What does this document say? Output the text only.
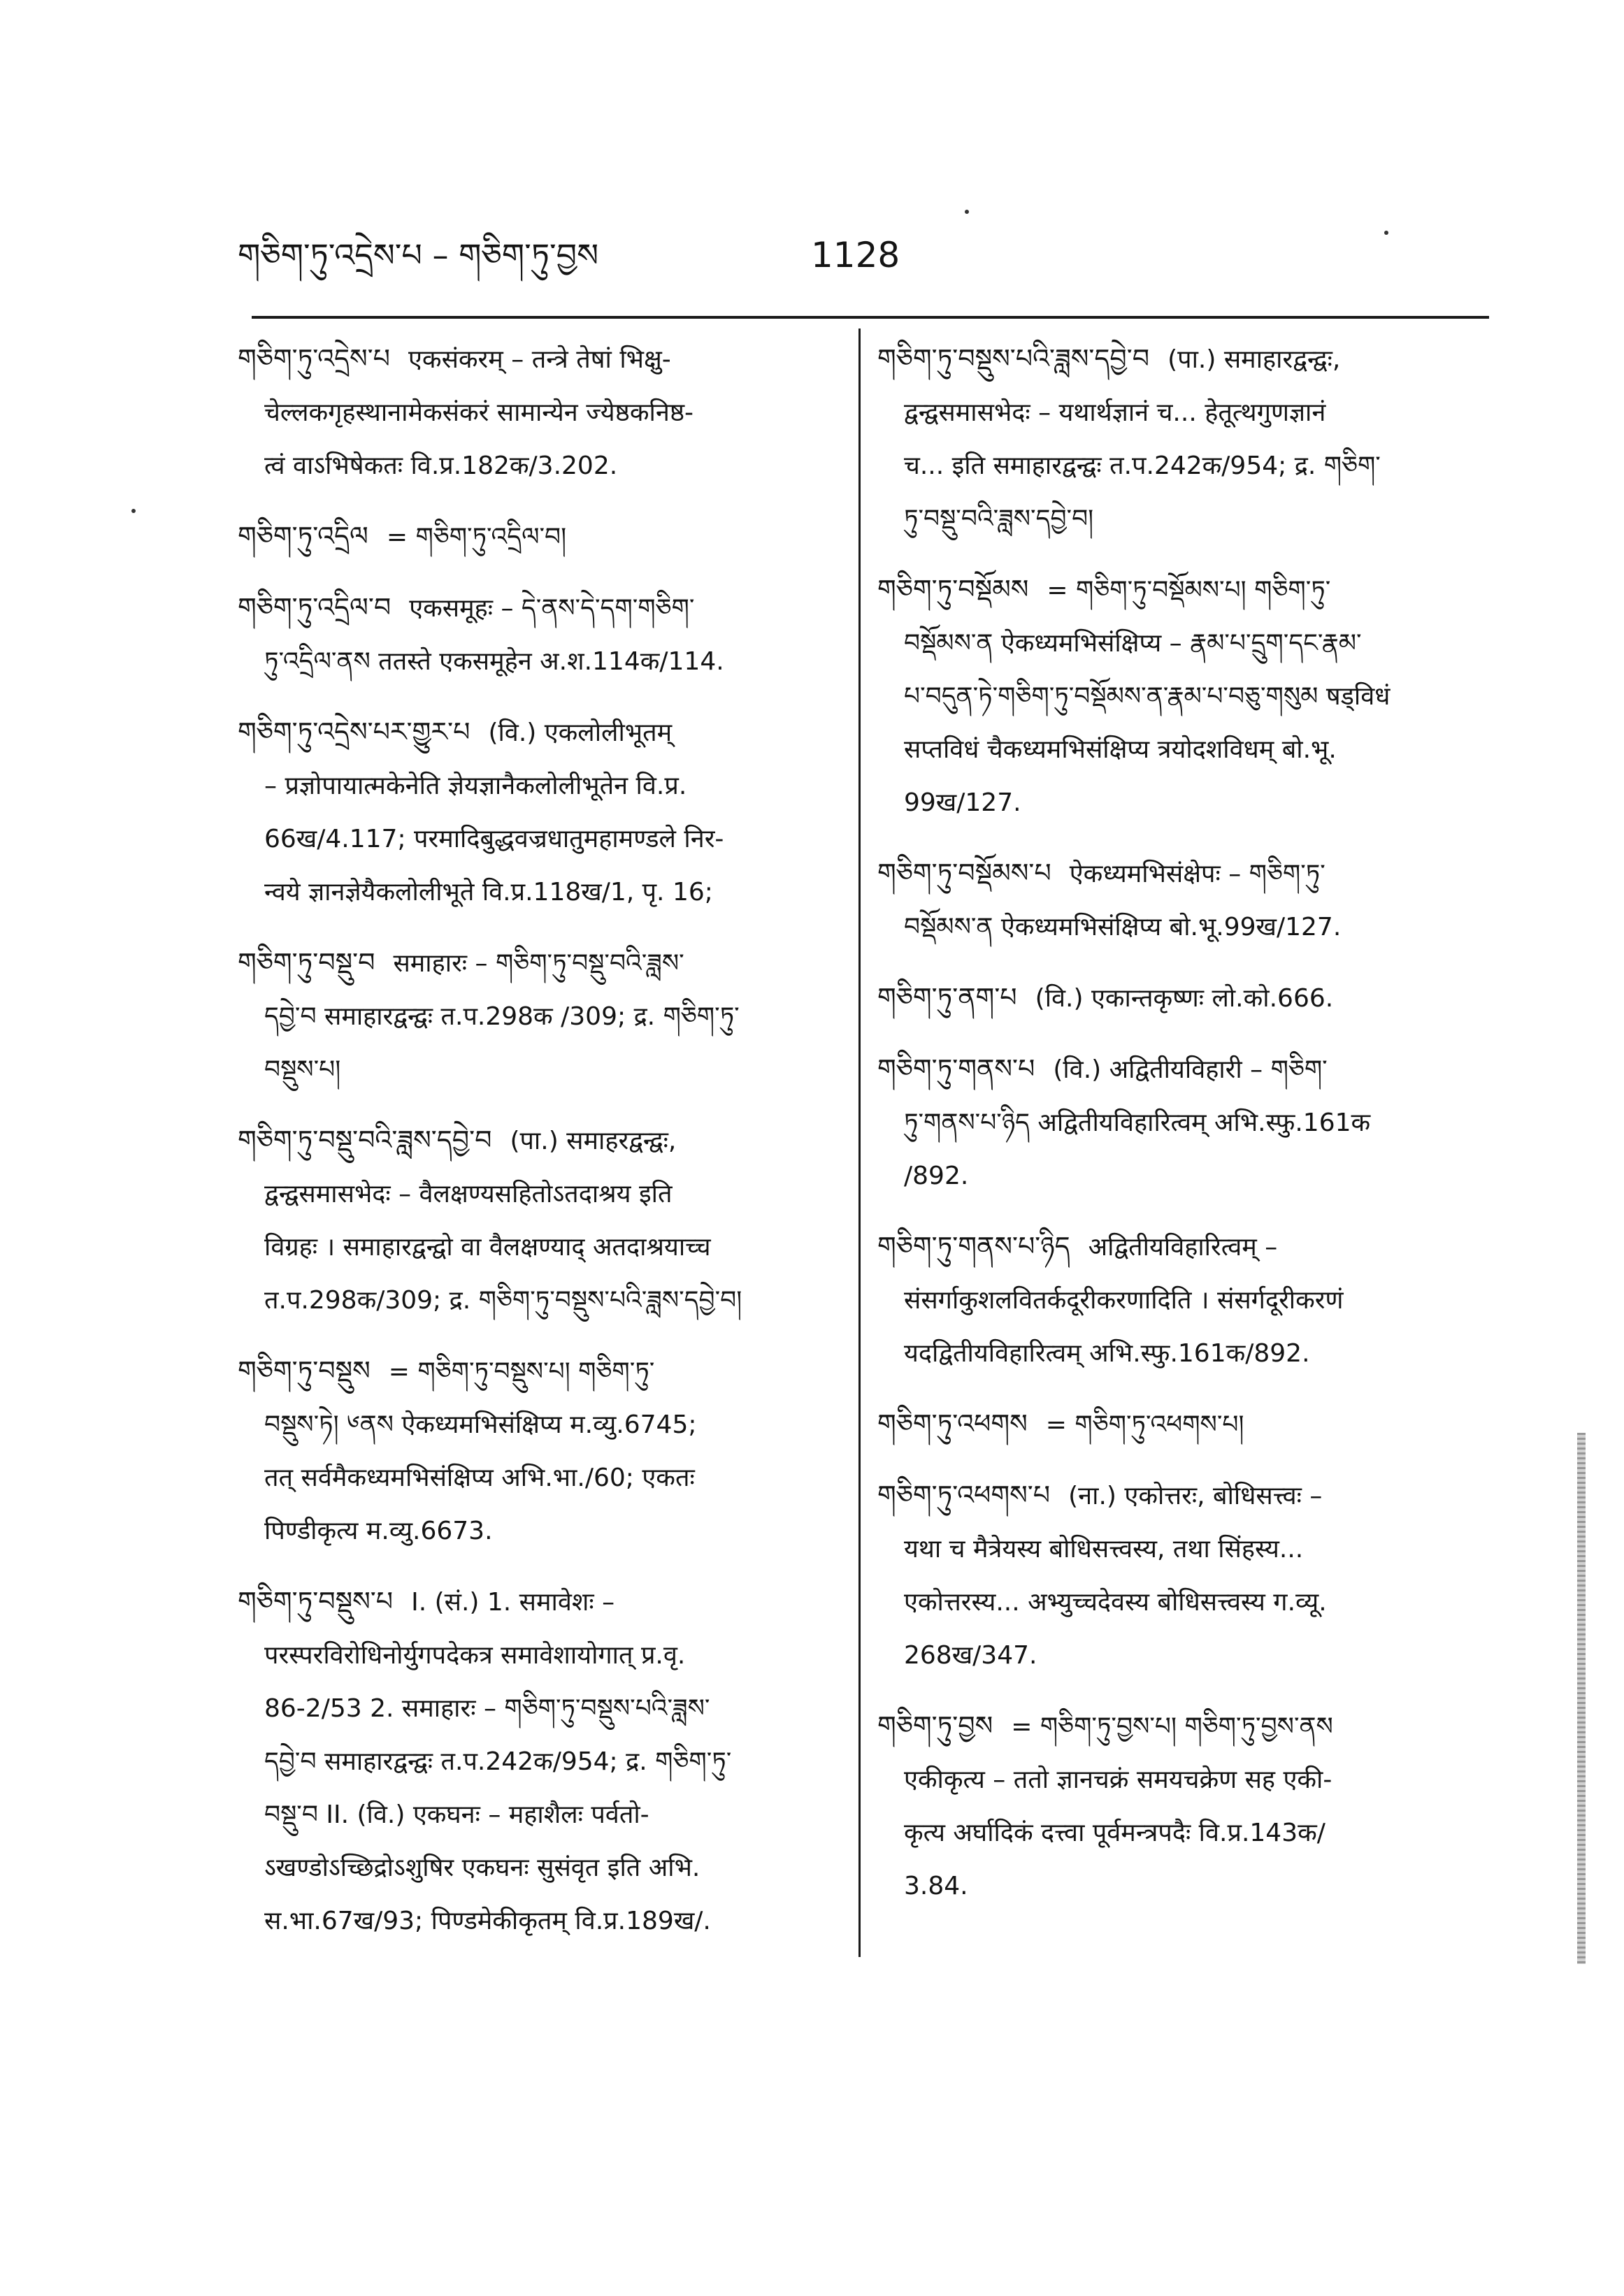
གཅིག་ཏུ་འདྲེས་པ – གཅིག་ཏུ་བྱས	1128

གཅིག་ཏུ་འདྲེས་པ एकसंकरम् – तन्त्रे तेषां भिक्षु-

चेल्लकगृहस्थानामेकसंकरं सामान्येन ज्येष्ठकनिष्ठ-

त्वं वाऽभिषेकतः वि.प्र.182क/3.202.

གཅིག་ཏུ་འདྲིལ = གཅིག་ཏུ་འདྲིལ་བ།

གཅིག་ཏུ་འདྲིལ་བ एकसमूहः – དེ་ནས་དེ་དག་གཅིག་

ཏུ་འདྲིལ་ནས ततस्ते एकसमूहेन अ.श.114क/114.

གཅིག་ཏུ་འདྲེས་པར་གྱུར་པ (वि.) एकलोलीभूतम्

– प्रज्ञोपायात्मकेनेति ज्ञेयज्ञानैकलोलीभूतेन वि.प्र.

66ख/4.117; परमादिबुद्धवज्रधातुमहामण्डले निर-

न्वये ज्ञानज्ञेयैकलोलीभूते वि.प्र.118ख/1, पृ. 16;

གཅིག་ཏུ་བསྡུ་བ समाहारः – གཅིག་ཏུ་བསྡུ་བའི་ཟླས་

དབྱེ་བ समाहारद्वन्द्वः त.प.298क /309; द्र. གཅིག་ཏུ་

བསྡུས་པ།

གཅིག་ཏུ་བསྡུ་བའི་ཟླས་དབྱེ་བ (पा.) समाहरद्वन्द्वः,

द्वन्द्वसमासभेदः – वैलक्षण्यसहितोऽतदाश्रय इति

विग्रहः । समाहारद्वन्द्वो वा वैलक्षण्याद् अतदाश्रयाच्च

त.प.298क/309; द्र. གཅིག་ཏུ་བསྡུས་པའི་ཟླས་དབྱེ་བ།

གཅིག་ཏུ་བསྡུས = གཅིག་ཏུ་བསྡུས་པ། གཅིག་ཏུ་

བསྡུས་ཏེ། ༦ནས ऐकध्यमभिसंक्षिप्य म.व्यु.6745;

तत् सर्वमैकध्यमभिसंक्षिप्य अभि.भा./60; एकतः

पिण्डीकृत्य म.व्यु.6673.

གཅིག་ཏུ་བསྡུས་པ I. (सं.) 1. समावेशः –

परस्परविरोधिनोर्युगपदेकत्र समावेशायोगात् प्र.वृ.

86-2/53 2. समाहारः – གཅིག་ཏུ་བསྡུས་པའི་ཟླས་

དབྱེ་བ समाहारद्वन्द्वः त.प.242क/954; द्र. གཅིག་ཏུ་

བསྡུ་བ II. (वि.) एकघनः – महाशैलः पर्वतो-

ऽखण्डोऽच्छिद्रोऽशुषिर एकघनः सुसंवृत इति अभि.

स.भा.67ख/93; पिण्डमेकीकृतम् वि.प्र.189ख/.

གཅིག་ཏུ་བསྡུས་པའི་ཟླས་དབྱེ་བ (पा.) समाहारद्वन्द्वः,

द्वन्द्वसमासभेदः – यथार्थज्ञानं च... हेतूत्थगुणज्ञानं

च... इति समाहारद्वन्द्वः त.प.242क/954; द्र. གཅིག་

ཏུ་བསྡུ་བའི་ཟླས་དབྱེ་བ།

གཅིག་ཏུ་བསྡོམས = གཅིག་ཏུ་བསྡོམས་པ། གཅིག་ཏུ་

བསྡོམས་ན ऐकध्यमभिसंक्षिप्य – རྣམ་པ་དྲུག་དང་རྣམ་

པ་བདུན་ཏེ་གཅིག་ཏུ་བསྡོམས་ན་རྣམ་པ་བཅུ་གསུམ षड्विधं

सप्तविधं चैकध्यमभिसंक्षिप्य त्रयोदशविधम् बो.भू.

99ख/127.

གཅིག་ཏུ་བསྡོམས་པ ऐकध्यमभिसंक्षेपः – གཅིག་ཏུ་

བསྡོམས་ན ऐकध्यमभिसंक्षिप्य बो.भू.99ख/127.

གཅིག་ཏུ་ནག་པ (वि.) एकान्तकृष्णः लो.को.666.

གཅིག་ཏུ་གནས་པ (वि.) अद्वितीयविहारी – གཅིག་

ཏུ་གནས་པ་ཉིད अद्वितीयविहारित्वम् अभि.स्फु.161क

/892.

གཅིག་ཏུ་གནས་པ་ཉིད अद्वितीयविहारित्वम् –

संसर्गाकुशलवितर्कदूरीकरणादिति । संसर्गदूरीकरणं

यदद्वितीयविहारित्वम् अभि.स्फु.161क/892.

གཅིག་ཏུ་འཕགས = གཅིག་ཏུ་འཕགས་པ།

གཅིག་ཏུ་འཕགས་པ (ना.) एकोत्तरः, बोधिसत्त्वः –

यथा च मैत्रेयस्य बोधिसत्त्वस्य, तथा सिंहस्य...

एकोत्तरस्य... अभ्युच्चदेवस्य बोधिसत्त्वस्य ग.व्यू.

268ख/347.

གཅིག་ཏུ་བྱས = གཅིག་ཏུ་བྱས་པ། གཅིག་ཏུ་བྱས་ནས

एकीकृत्य – ततो ज्ञानचक्रं समयचक्रेण सह एकी-

कृत्य अर्घादिकं दत्त्वा पूर्वमन्त्रपदैः वि.प्र.143क/

3.84.
